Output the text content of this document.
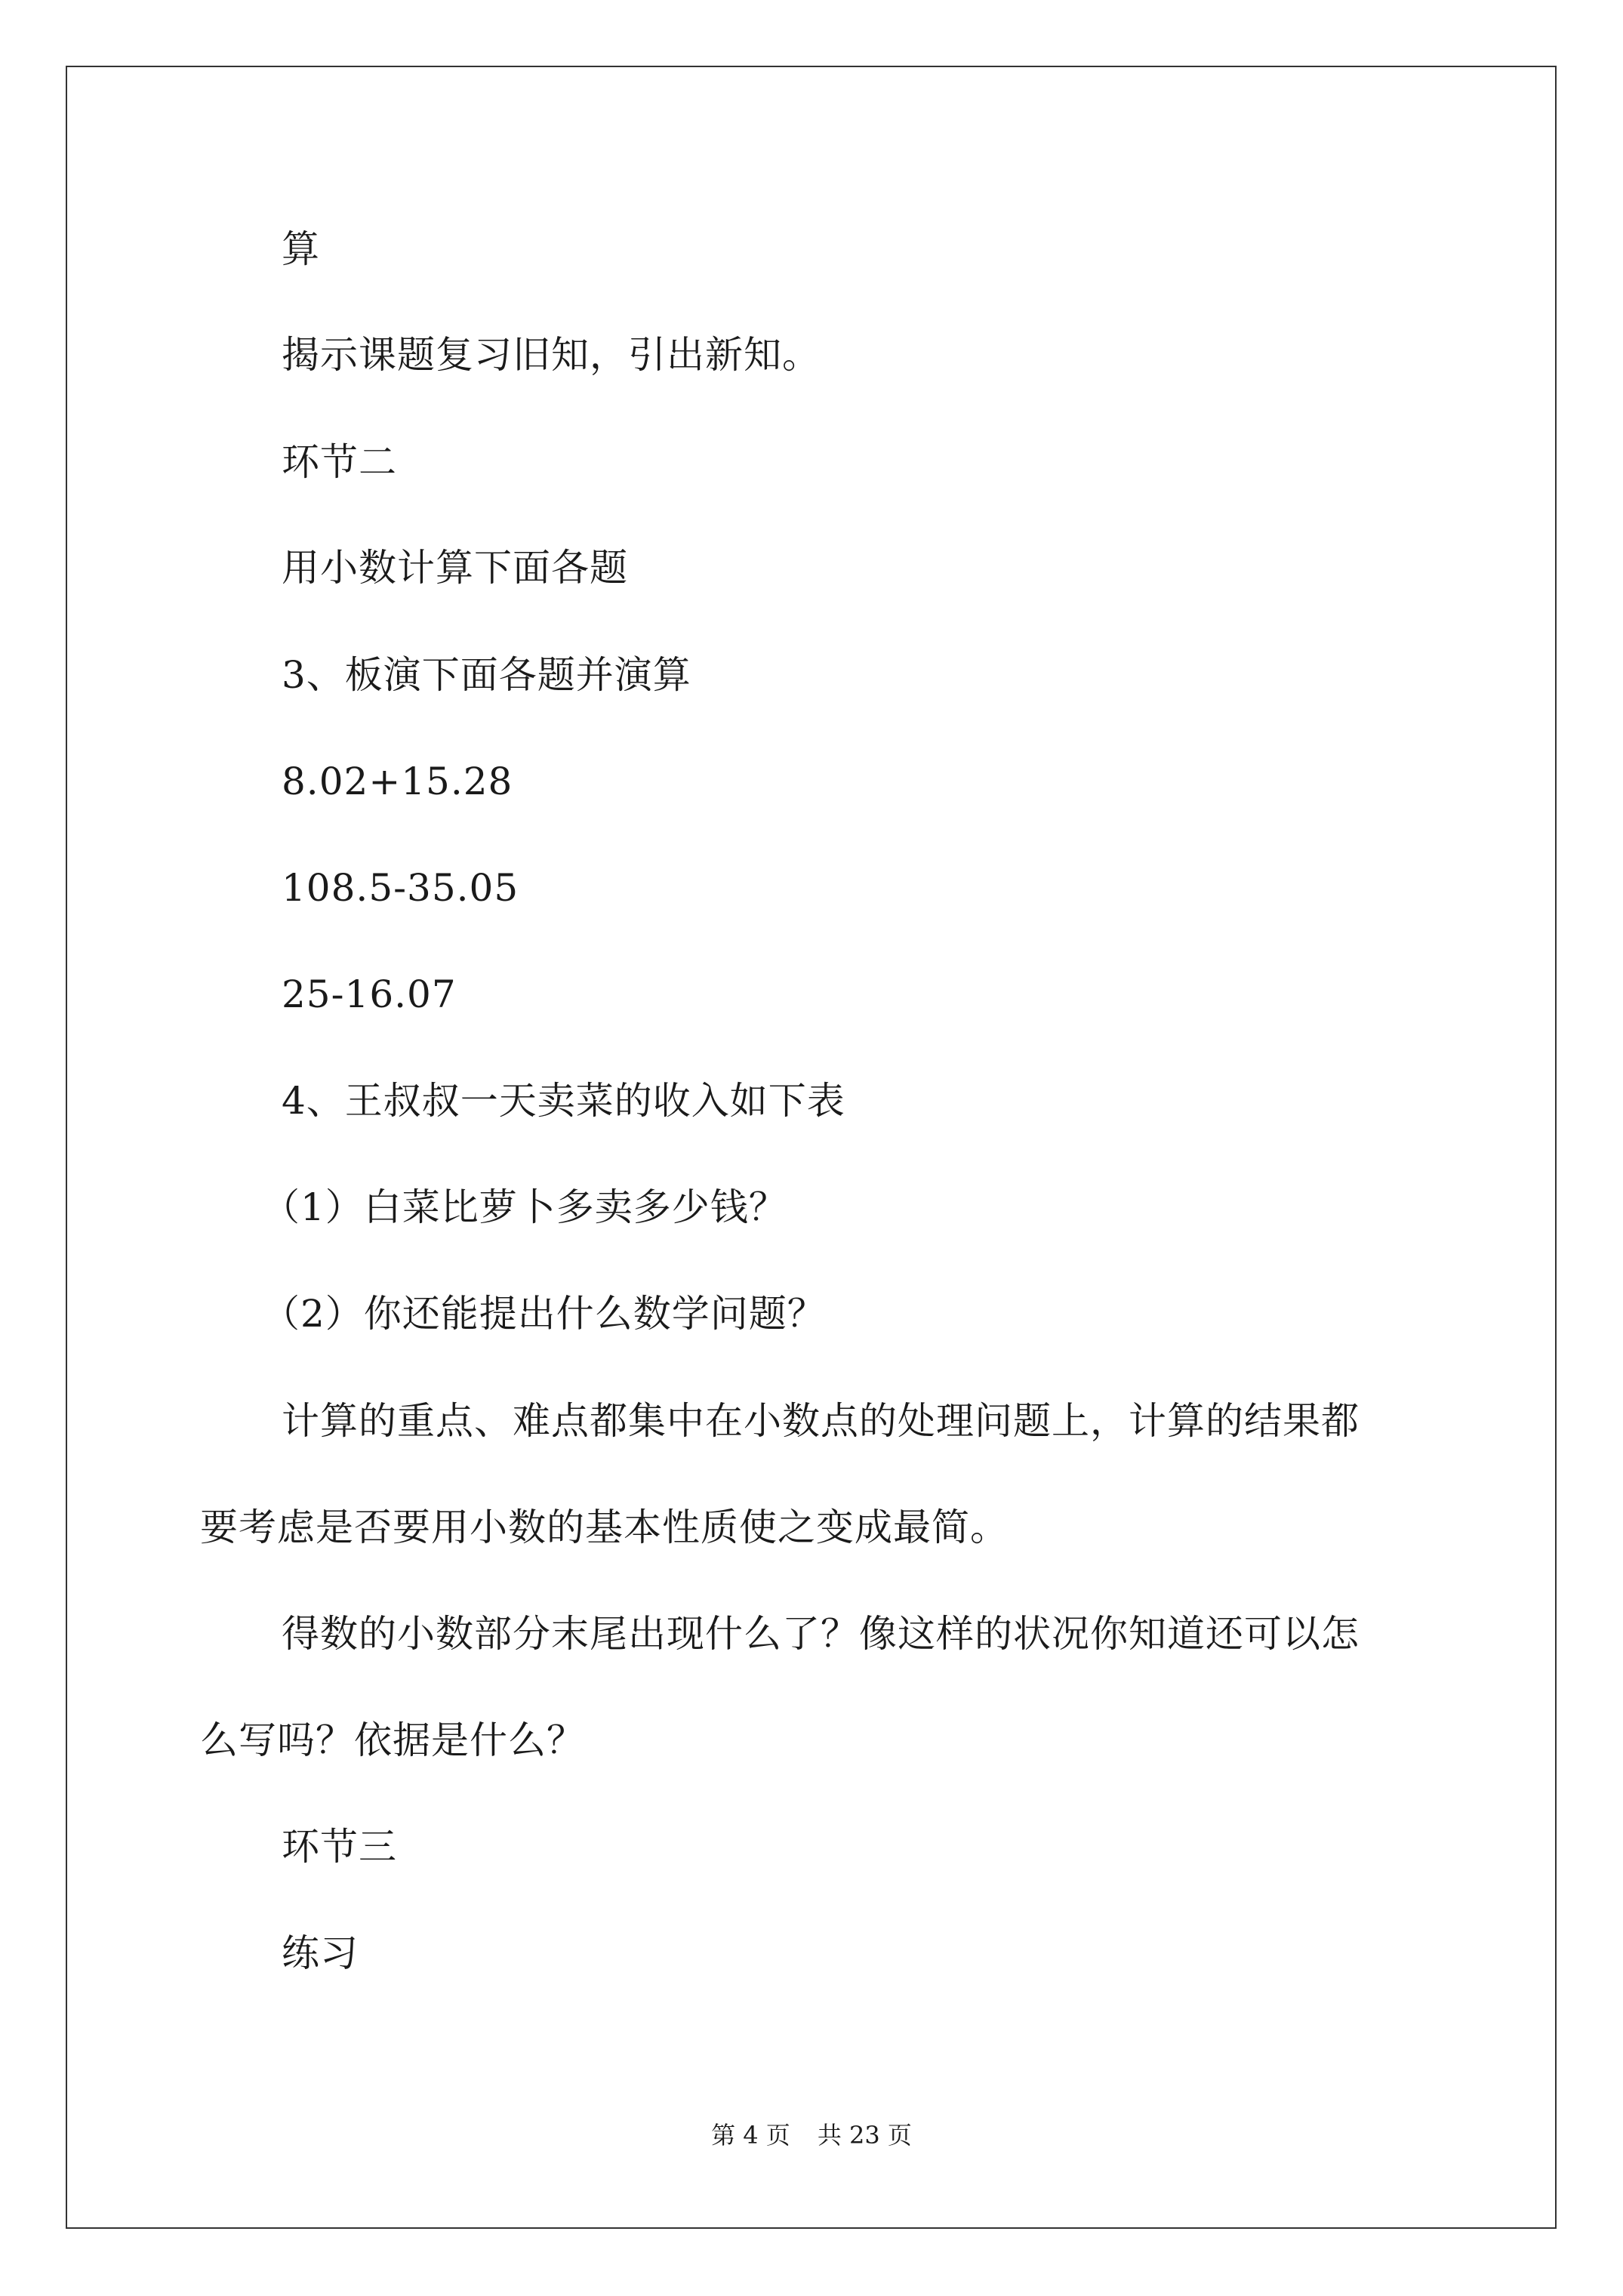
算
揭示课题复习旧知，引出新知。
环节二
用小数计算下面各题
3、板演下面各题并演算
8.02+15.28
108.5-35.05
25-16.07
4、王叔叔一天卖菜的收入如下表
（1）白菜比萝卜多卖多少钱？
（2）你还能提出什么数学问题？
计算的重点、难点都集中在小数点的处理问题上，计算的结果都
要考虑是否要用小数的基本性质使之变成最简。
得数的小数部分末尾出现什么了？像这样的状况你知道还可以怎
么写吗？依据是什么？
环节三
练习
第 4 页 共 23 页
